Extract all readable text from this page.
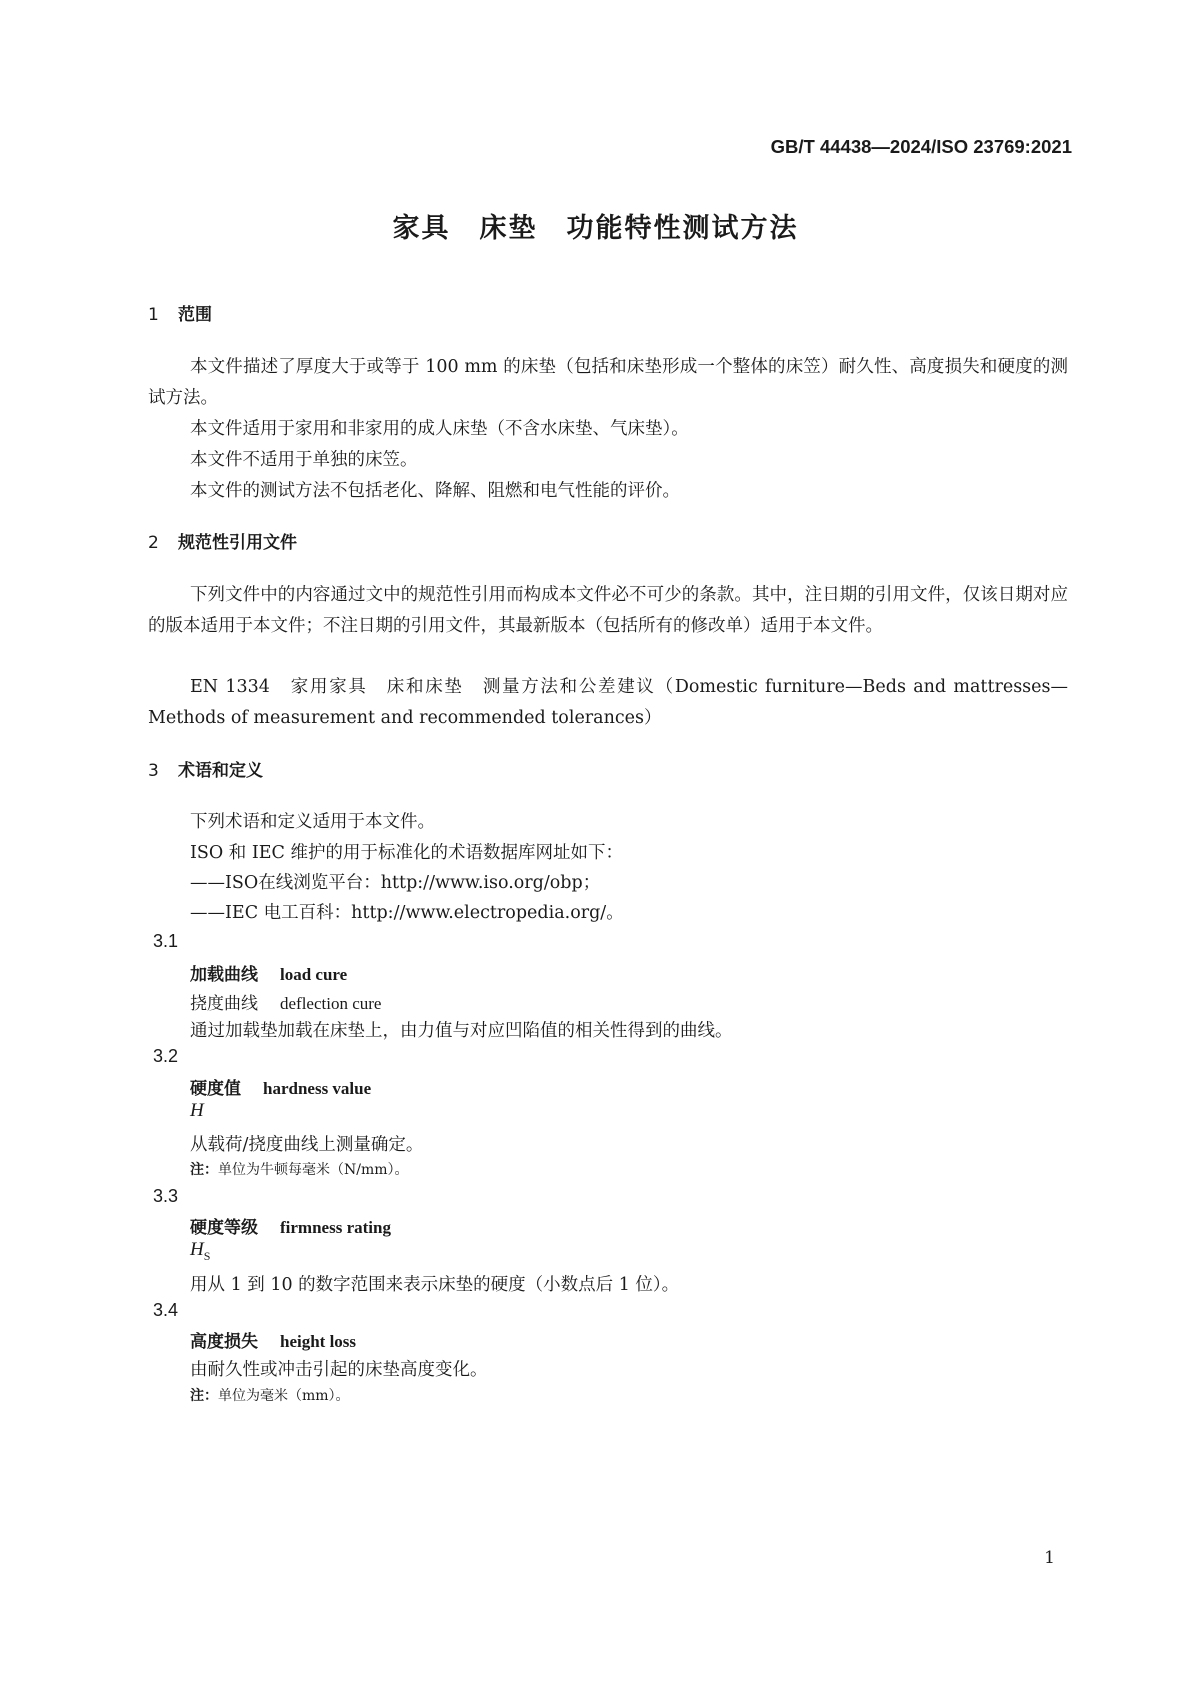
GB/T 44438—2024/ISO 23769:2021
家具　床垫　功能特性测试方法
1 范围
本文件描述了厚度大于或等于 100 mm 的床垫（包括和床垫形成一个整体的床笠）耐久性、高度损失和硬度的测试方法。
本文件适用于家用和非家用的成人床垫（不含水床垫、气床垫）。
本文件不适用于单独的床笠。
本文件的测试方法不包括老化、降解、阻燃和电气性能的评价。
2 规范性引用文件
下列文件中的内容通过文中的规范性引用而构成本文件必不可少的条款。其中，注日期的引用文件，仅该日期对应的版本适用于本文件；不注日期的引用文件，其最新版本（包括所有的修改单）适用于本文件。
EN 1334　家用家具　床和床垫　测量方法和公差建议（Domestic furniture—Beds and mattresses—Methods of measurement and recommended tolerances）
3 术语和定义
下列术语和定义适用于本文件。
ISO 和 IEC 维护的用于标准化的术语数据库网址如下：
——ISO在线浏览平台：http://www.iso.org/obp；
——IEC 电工百科：http://www.electropedia.org/。
3.1
加载曲线 load cure
挠度曲线 deflection cure
通过加载垫加载在床垫上，由力值与对应凹陷值的相关性得到的曲线。
3.2
硬度值 hardness value
H
从载荷/挠度曲线上测量确定。
注：单位为牛顿每毫米（N/mm）。
3.3
硬度等级 firmness rating
$H_S$
用从 1 到 10 的数字范围来表示床垫的硬度（小数点后 1 位）。
3.4
高度损失 height loss
由耐久性或冲击引起的床垫高度变化。
注：单位为毫米（mm）。
1
